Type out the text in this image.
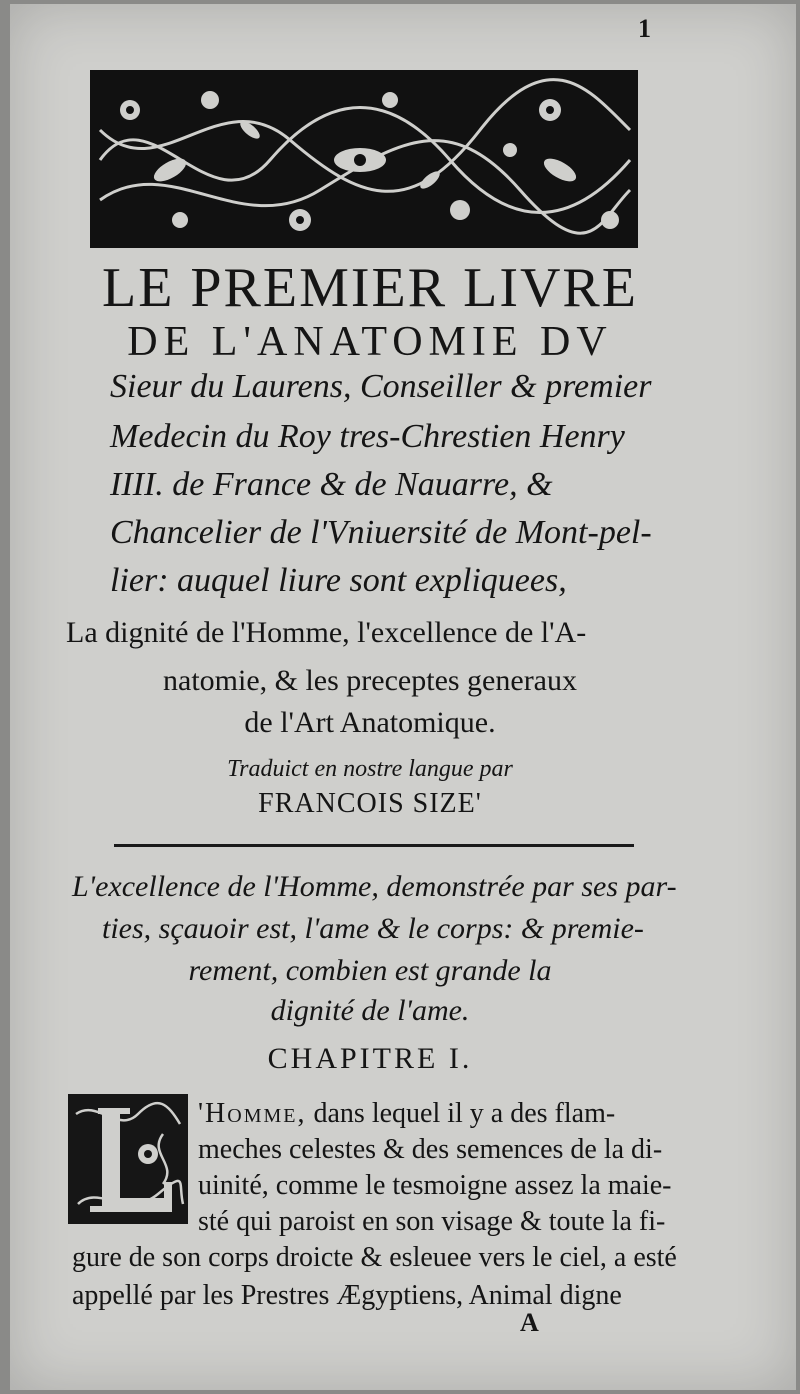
1
LE PREMIER LIVRE
DE L'ANATOMIE DV
Sieur du Laurens, Conseiller & premier
Medecin du Roy tres-Chrestien Henry
IIII. de France & de Nauarre, &
Chancelier de l'Vniuersité de Mont-pel-
lier: auquel liure sont expliquees,
La dignité de l'Homme, l'excellence de l'A-
natomie, & les preceptes generaux
de l'Art Anatomique.
Traduict en nostre langue par
FRANCOIS SIZE'
L'excellence de l'Homme, demonstrée par ses par-
ties, sçauoir est, l'ame & le corps: & premie-
rement, combien est grande la
dignité de l'ame.
CHAPITRE I.
'Homme, dans lequel il y a des flam-
meches celestes & des semences de la di-
uinité, comme le tesmoigne assez la maie-
sté qui paroist en son visage & toute la fi-
gure de son corps droicte & esleuee vers le ciel, a esté
appellé par les Prestres Ægyptiens, Animal digne
A
